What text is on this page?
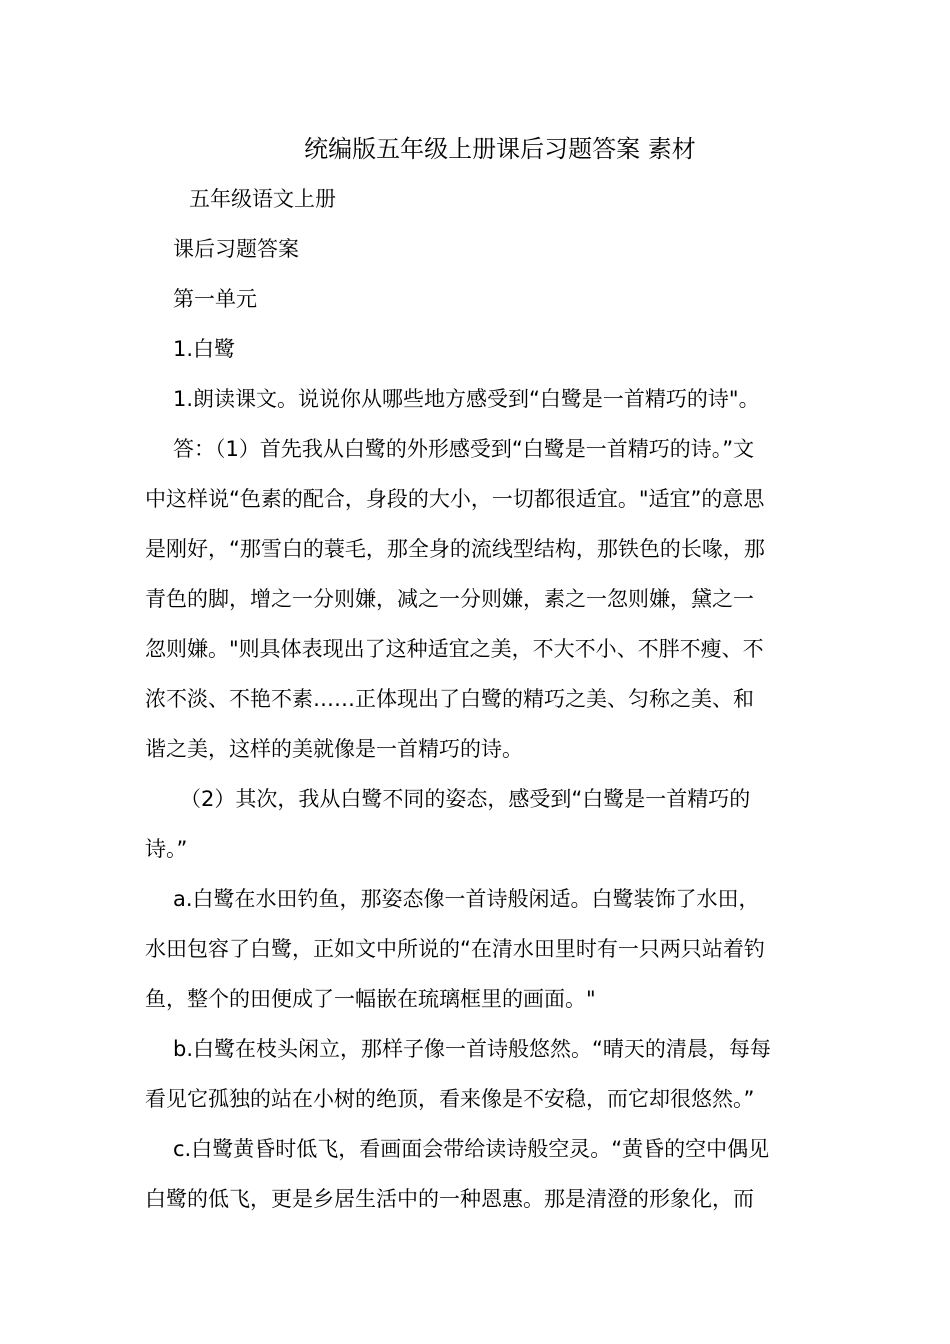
统编版五年级上册课后习题答案 素材
五年级语文上册
课后习题答案
第一单元
1.白鹭
1.朗读课文。说说你从哪些地方感受到“白鹭是一首精巧的诗"。
答：（1）首先我从白鹭的外形感受到“白鹭是一首精巧的诗。”文
中这样说“色素的配合，身段的大小，一切都很适宜。"适宜”的意思
是刚好，“那雪白的蓑毛，那全身的流线型结构，那铁色的长喙，那
青色的脚，增之一分则嫌，减之一分则嫌，素之一忽则嫌，黛之一
忽则嫌。"则具体表现出了这种适宜之美，不大不小、不胖不瘦、不
浓不淡、不艳不素……正体现出了白鹭的精巧之美、匀称之美、和
谐之美，这样的美就像是一首精巧的诗。
（2）其次，我从白鹭不同的姿态，感受到“白鹭是一首精巧的
诗。”
a.白鹭在水田钓鱼，那姿态像一首诗般闲适。白鹭装饰了水田，
水田包容了白鹭，正如文中所说的“在清水田里时有一只两只站着钓
鱼，整个的田便成了一幅嵌在琉璃框里的画面。"
b.白鹭在枝头闲立，那样子像一首诗般悠然。“晴天的清晨，每每
看见它孤独的站在小树的绝顶，看来像是不安稳，而它却很悠然。”
c.白鹭黄昏时低飞，看画面会带给读诗般空灵。“黄昏的空中偶见
白鹭的低飞，更是乡居生活中的一种恩惠。那是清澄的形象化，而
